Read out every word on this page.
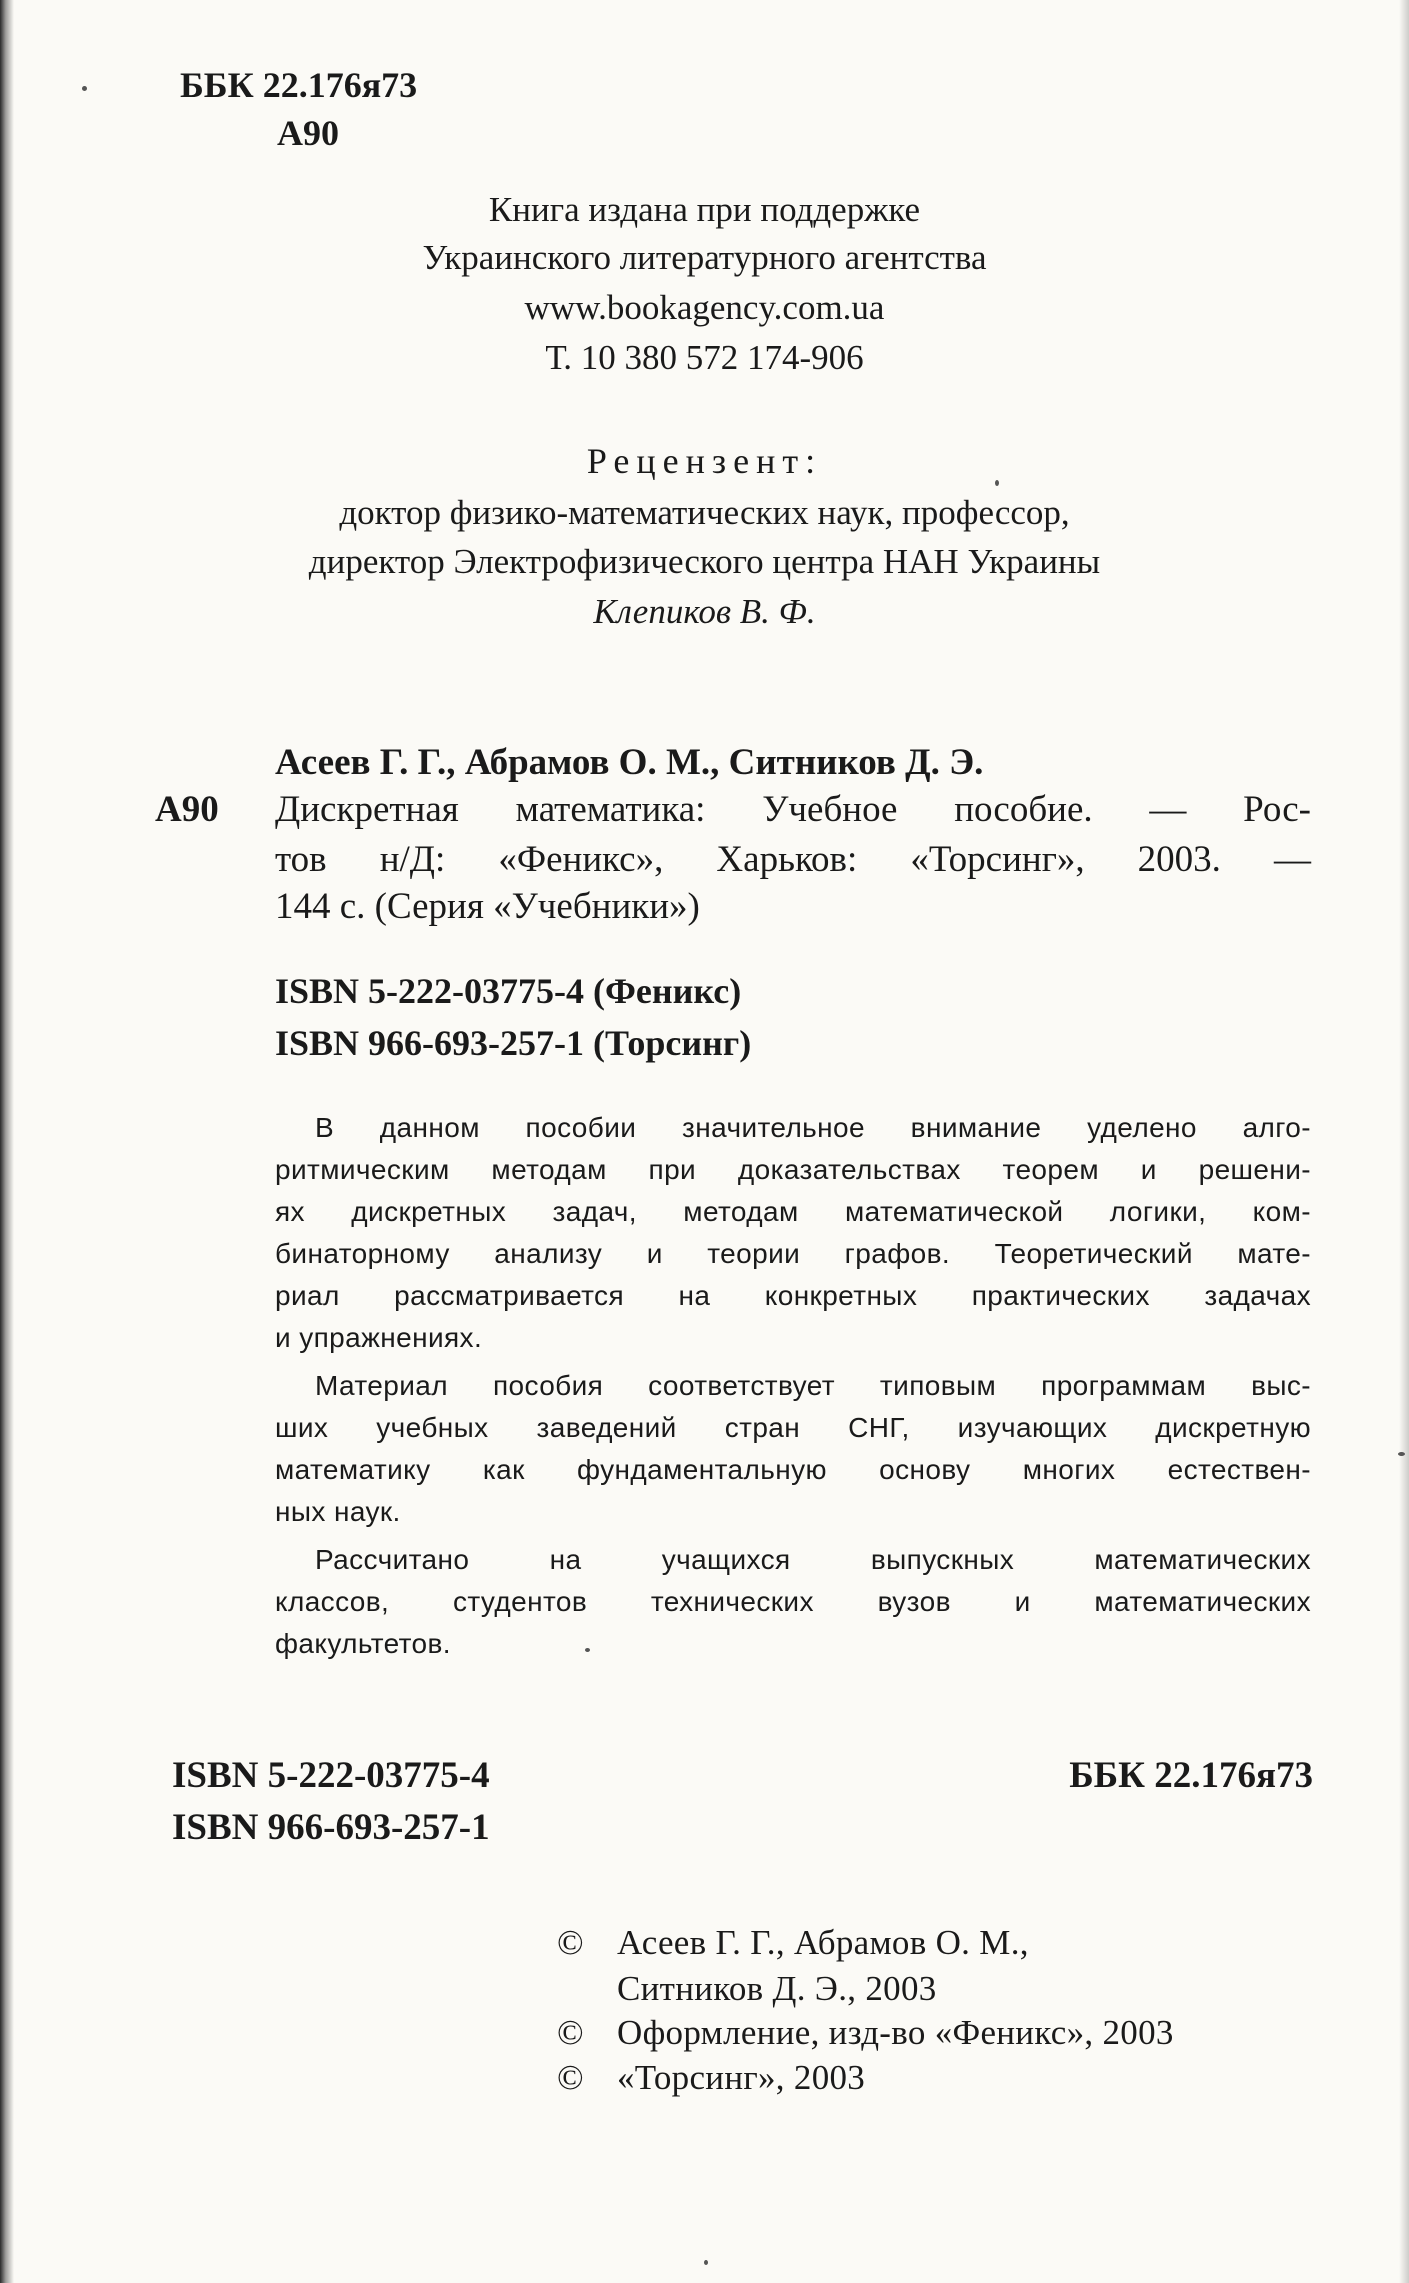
ББК 22.176я73
А90
Книга издана при поддержке
Украинского литературного агентства
www.bookagency.com.ua
Т. 10 380 572 174-906
Рецензент:
доктор физико-математических наук, профессор,
директор Электрофизического центра НАН Украины
Клепиков В. Ф.
Асеев Г. Г., Абрамов О. М., Ситников Д. Э.
А90 Дискретная математика: Учебное пособие. — Рос-
тов н/Д: «Феникс», Харьков: «Торсинг», 2003. —
144 с. (Серия «Учебники»)
ISBN 5-222-03775-4 (Феникс)
ISBN 966-693-257-1 (Торсинг)
В данном пособии значительное внимание уделено алго-
ритмическим методам при доказательствах теорем и решени-
ях дискретных задач, методам математической логики, ком-
бинаторному анализу и теории графов. Теоретический мате-
риал рассматривается на конкретных практических задачах
и упражнениях.
Материал пособия соответствует типовым программам выс-
ших учебных заведений стран СНГ, изучающих дискретную
математику как фундаментальную основу многих естествен-
ных наук.
Рассчитано на учащихся выпускных математических
классов, студентов технических вузов и математических
факультетов.
ISBN 5-222-03775-4
ISBN 966-693-257-1
ББК 22.176я73
© Асеев Г. Г., Абрамов О. М.,
Ситников Д. Э., 2003
© Оформление, изд-во «Феникс», 2003
© «Торсинг», 2003
